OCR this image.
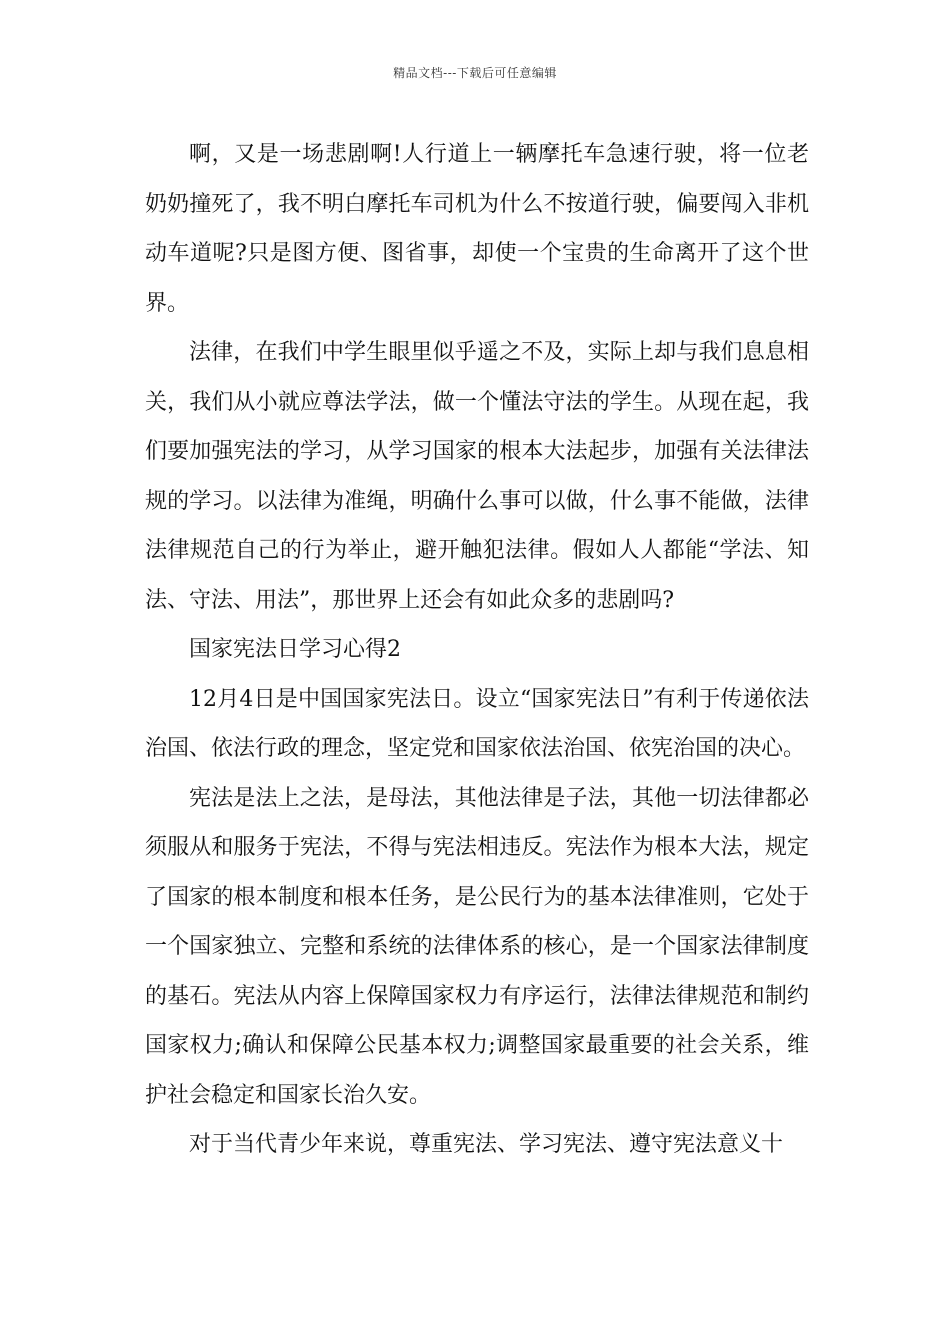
精品文档---下载后可任意编辑

啊，又是一场悲剧啊!人行道上一辆摩托车急速行驶，将一位老奶奶撞死了，我不明白摩托车司机为什么不按道行驶，偏要闯入非机动车道呢?只是图方便、图省事，却使一个宝贵的生命离开了这个世界。

法律，在我们中学生眼里似乎遥之不及，实际上却与我们息息相关，我们从小就应尊法学法，做一个懂法守法的学生。从现在起，我们要加强宪法的学习，从学习国家的根本大法起步，加强有关法律法规的学习。以法律为准绳，明确什么事可以做，什么事不能做，法律法律规范自己的行为举止，避开触犯法律。假如人人都能“学法、知法、守法、用法”，那世界上还会有如此众多的悲剧吗?

国家宪法日学习心得2

12月4日是中国国家宪法日。设立“国家宪法日”有利于传递依法治国、依法行政的理念，坚定党和国家依法治国、依宪治国的决心。

宪法是法上之法，是母法，其他法律是子法，其他一切法律都必须服从和服务于宪法，不得与宪法相违反。宪法作为根本大法，规定了国家的根本制度和根本任务，是公民行为的基本法律准则，它处于一个国家独立、完整和系统的法律体系的核心，是一个国家法律制度的基石。宪法从内容上保障国家权力有序运行，法律法律规范和制约国家权力;确认和保障公民基本权力;调整国家最重要的社会关系，维护社会稳定和国家长治久安。

对于当代青少年来说，尊重宪法、学习宪法、遵守宪法意义十
